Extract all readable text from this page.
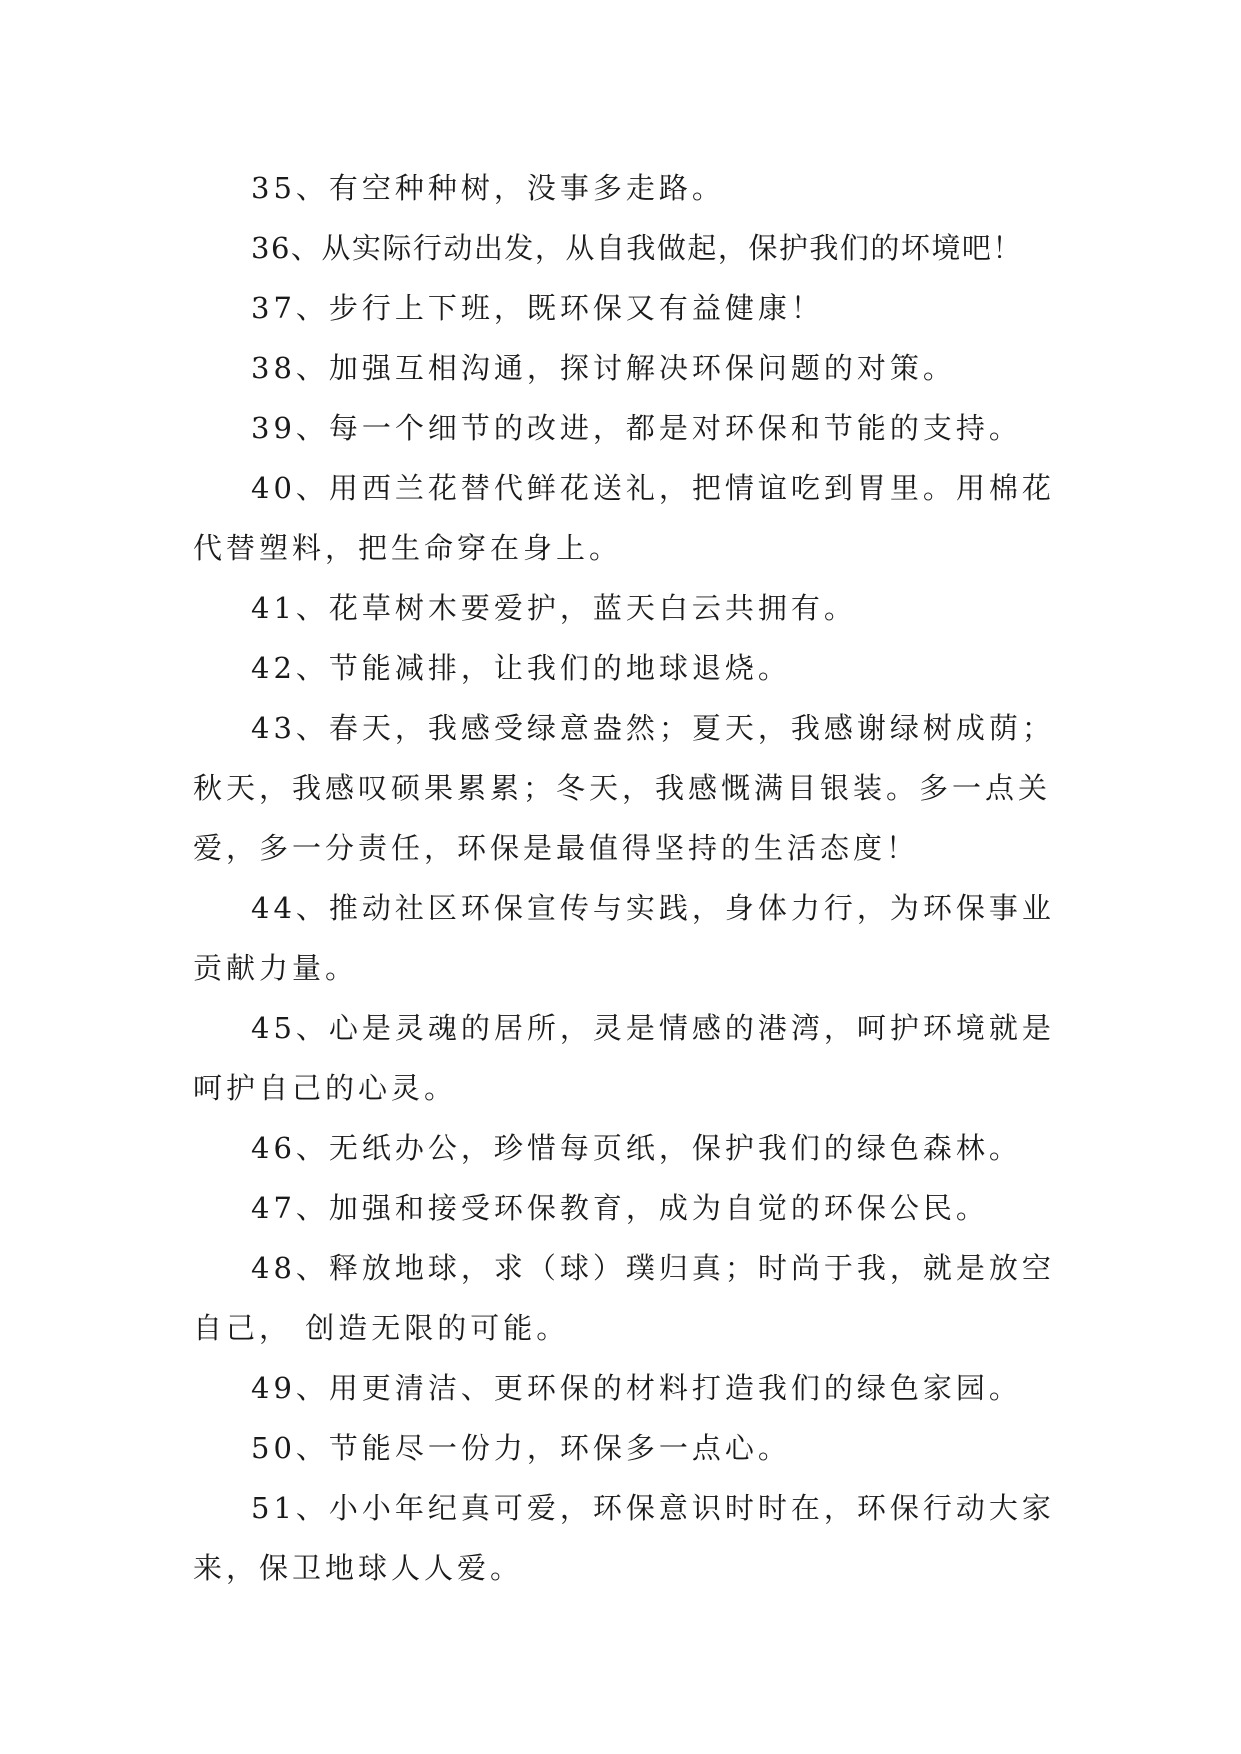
35、有空种种树，没事多走路。

36、从实际行动出发，从自我做起，保护我们的坏境吧！

37、步行上下班，既环保又有益健康！

38、加强互相沟通，探讨解决环保问题的对策。

39、每一个细节的改进，都是对环保和节能的支持。

40、用西兰花替代鲜花送礼，把情谊吃到胃里。用棉花代替塑料，把生命穿在身上。

41、花草树木要爱护，蓝天白云共拥有。

42、节能减排，让我们的地球退烧。

43、春天，我感受绿意盎然；夏天，我感谢绿树成荫；秋天，我感叹硕果累累；冬天，我感慨满目银装。多一点关爱，多一分责任，环保是最值得坚持的生活态度！

44、推动社区环保宣传与实践，身体力行，为环保事业贡献力量。

45、心是灵魂的居所，灵是情感的港湾，呵护环境就是呵护自己的心灵。

46、无纸办公，珍惜每页纸，保护我们的绿色森林。

47、加强和接受环保教育，成为自觉的环保公民。

48、释放地球，求（球）璞归真；时尚于我，就是放空自己， 创造无限的可能。

49、用更清洁、更环保的材料打造我们的绿色家园。

50、节能尽一份力，环保多一点心。

51、小小年纪真可爱，环保意识时时在，环保行动大家来，保卫地球人人爱。
